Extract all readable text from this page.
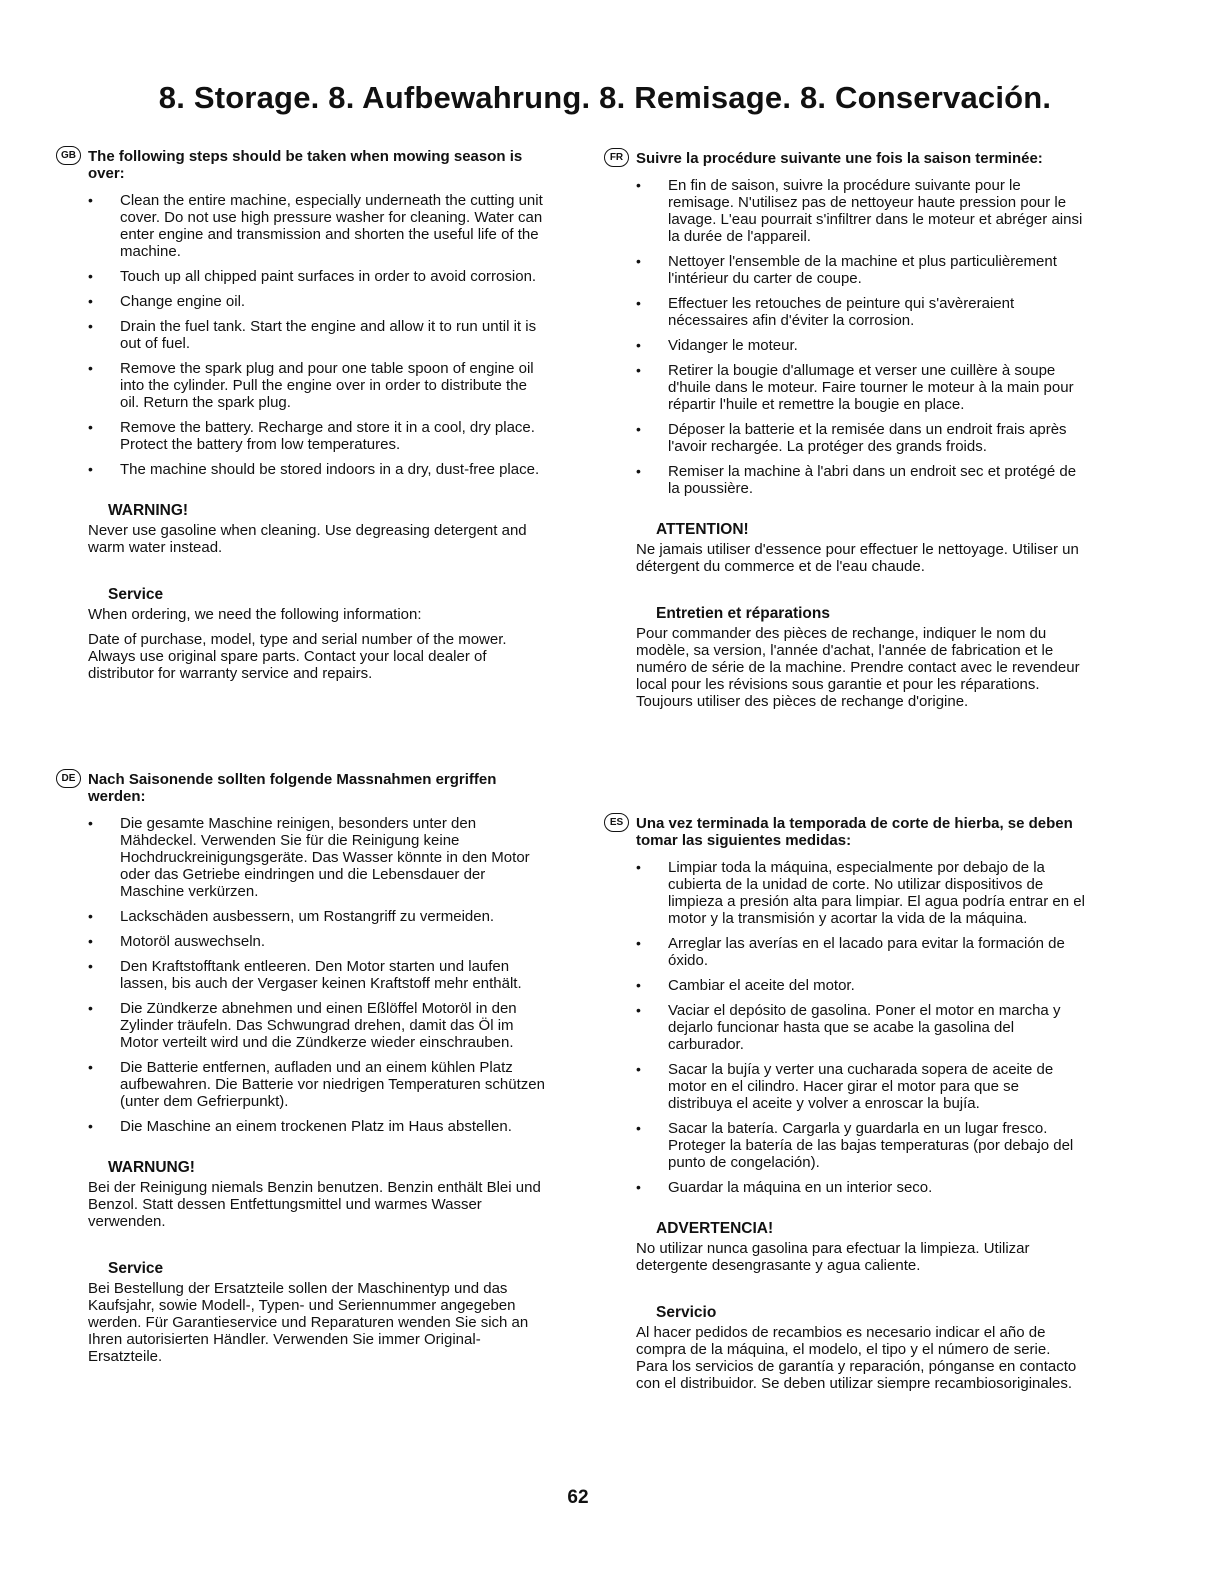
8. Storage. 8. Aufbewahrung. 8. Remisage. 8. Conservación.
GB The following steps should be taken when mowing season is over:
• Clean the entire machine, especially underneath the cutting unit cover. Do not use high pressure washer for cleaning. Water can enter engine and transmission and shorten the useful life of the machine.
• Touch up all chipped paint surfaces in order to avoid corrosion.
• Change engine oil.
• Drain the fuel tank. Start the engine and allow it to run until it is out of fuel.
• Remove the spark plug and pour one table spoon of engine oil into the cylinder. Pull the engine over in order to distribute the oil. Return the spark plug.
• Remove the battery. Recharge and store it in a cool, dry place. Protect the battery from low temperatures.
• The machine should be stored indoors in a dry, dust-free place.
WARNING!

Never use gasoline when cleaning. Use degreasing detergent and warm water instead.

Service

When ordering, we need the following information:

Date of purchase, model, type and serial number of the mower. Always use original spare parts. Contact your local dealer of distributor for warranty service and repairs.

DE Nach Saisonende sollten folgende Massnahmen ergriffen werden:
• Die gesamte Maschine reinigen, besonders unter den Mähdeckel. Verwenden Sie für die Reinigung keine Hochdruckreinigungsgeräte. Das Wasser könnte in den Motor oder das Getriebe eindringen und die Lebensdauer der Maschine verkürzen.
• Lackschäden ausbessern, um Rostangriff zu vermeiden.
• Motoröl auswechseln.
• Den Kraftstofftank entleeren. Den Motor starten und laufen lassen, bis auch der Vergaser keinen Kraftstoff mehr enthält.
• Die Zündkerze abnehmen und einen Eßlöffel Motoröl in den Zylinder träufeln. Das Schwungrad drehen, damit das Öl im Motor verteilt wird und die Zündkerze wieder einschrauben.
• Die Batterie entfernen, aufladen und an einem kühlen Platz aufbewahren. Die Batterie vor niedrigen Temperaturen schützen (unter dem Gefrierpunkt).
• Die Maschine an einem trockenen Platz im Haus abstellen.
WARNUNG!

Bei der Reinigung niemals Benzin benutzen. Benzin enthält Blei und Benzol. Statt dessen Entfettungsmittel und warmes Wasser verwenden.

Service

Bei Bestellung der Ersatzteile sollen der Maschinentyp und das Kaufsjahr, sowie Modell-, Typen- und Seriennummer angegeben werden. Für Garantieservice und Reparaturen wenden Sie sich an Ihren autorisierten Händler. Verwenden Sie immer Original-Ersatzteile.

FR Suivre la procédure suivante une fois la saison terminée:
• En fin de saison, suivre la procédure suivante pour le remisage. N'utilisez pas de nettoyeur haute pression pour le lavage. L'eau pourrait s'infiltrer dans le moteur et abréger ainsi la durée de l'appareil.
• Nettoyer l'ensemble de la machine et plus particulièrement l'intérieur du carter de coupe.
• Effectuer les retouches de peinture qui s'avèreraient nécessaires afin d'éviter la corrosion.
• Vidanger le moteur.
• Retirer la bougie d'allumage et verser une cuillère à soupe d'huile dans le moteur. Faire tourner le moteur à la main pour répartir l'huile et remettre la bougie en place.
• Déposer la batterie et la remisée dans un endroit frais après l'avoir rechargée. La protéger des grands froids.
• Remiser la machine à l'abri dans un endroit sec et protégé de la poussière.
ATTENTION!

Ne jamais utiliser d'essence pour effectuer le nettoyage. Utiliser un détergent du commerce et de l'eau chaude.

Entretien et réparations

Pour commander des pièces de rechange, indiquer le nom du modèle, sa version, l'année d'achat, l'année de fabrication et le numéro de série de la machine. Prendre contact avec le revendeur local pour les révisions sous garantie et pour les réparations. Toujours utiliser des pièces de rechange d'origine.

ES Una vez terminada la temporada de corte de hierba, se deben tomar las siguientes medidas:
• Limpiar toda la máquina, especialmente por debajo de la cubierta de la unidad de corte. No utilizar dispositivos de limpieza a presión alta para limpiar. El agua podría entrar en el motor y la transmisión y acortar la vida de la máquina.
• Arreglar las averías en el lacado para evitar la formación de óxido.
• Cambiar el aceite del motor.
• Vaciar el depósito de gasolina. Poner el motor en marcha y dejarlo funcionar hasta que se acabe la gasolina del carburador.
• Sacar la bujía y verter una cucharada sopera de aceite de motor en el cilindro. Hacer girar el motor para que se distribuya el aceite y volver a enroscar la bujía.
• Sacar la batería. Cargarla y guardarla en un lugar fresco. Proteger la batería de las bajas temperaturas (por debajo del punto de congelación).
• Guardar la máquina en un interior seco.
ADVERTENCIA!

No utilizar nunca gasolina para efectuar la limpieza. Utilizar detergente desengrasante y agua caliente.

Servicio

Al hacer pedidos de recambios es necesario indicar el año de compra de la máquina, el modelo, el tipo y el número de serie. Para los servicios de garantía y reparación, pónganse en contacto con el distribuidor. Se deben utilizar siempre recambiosoriginales.

62
